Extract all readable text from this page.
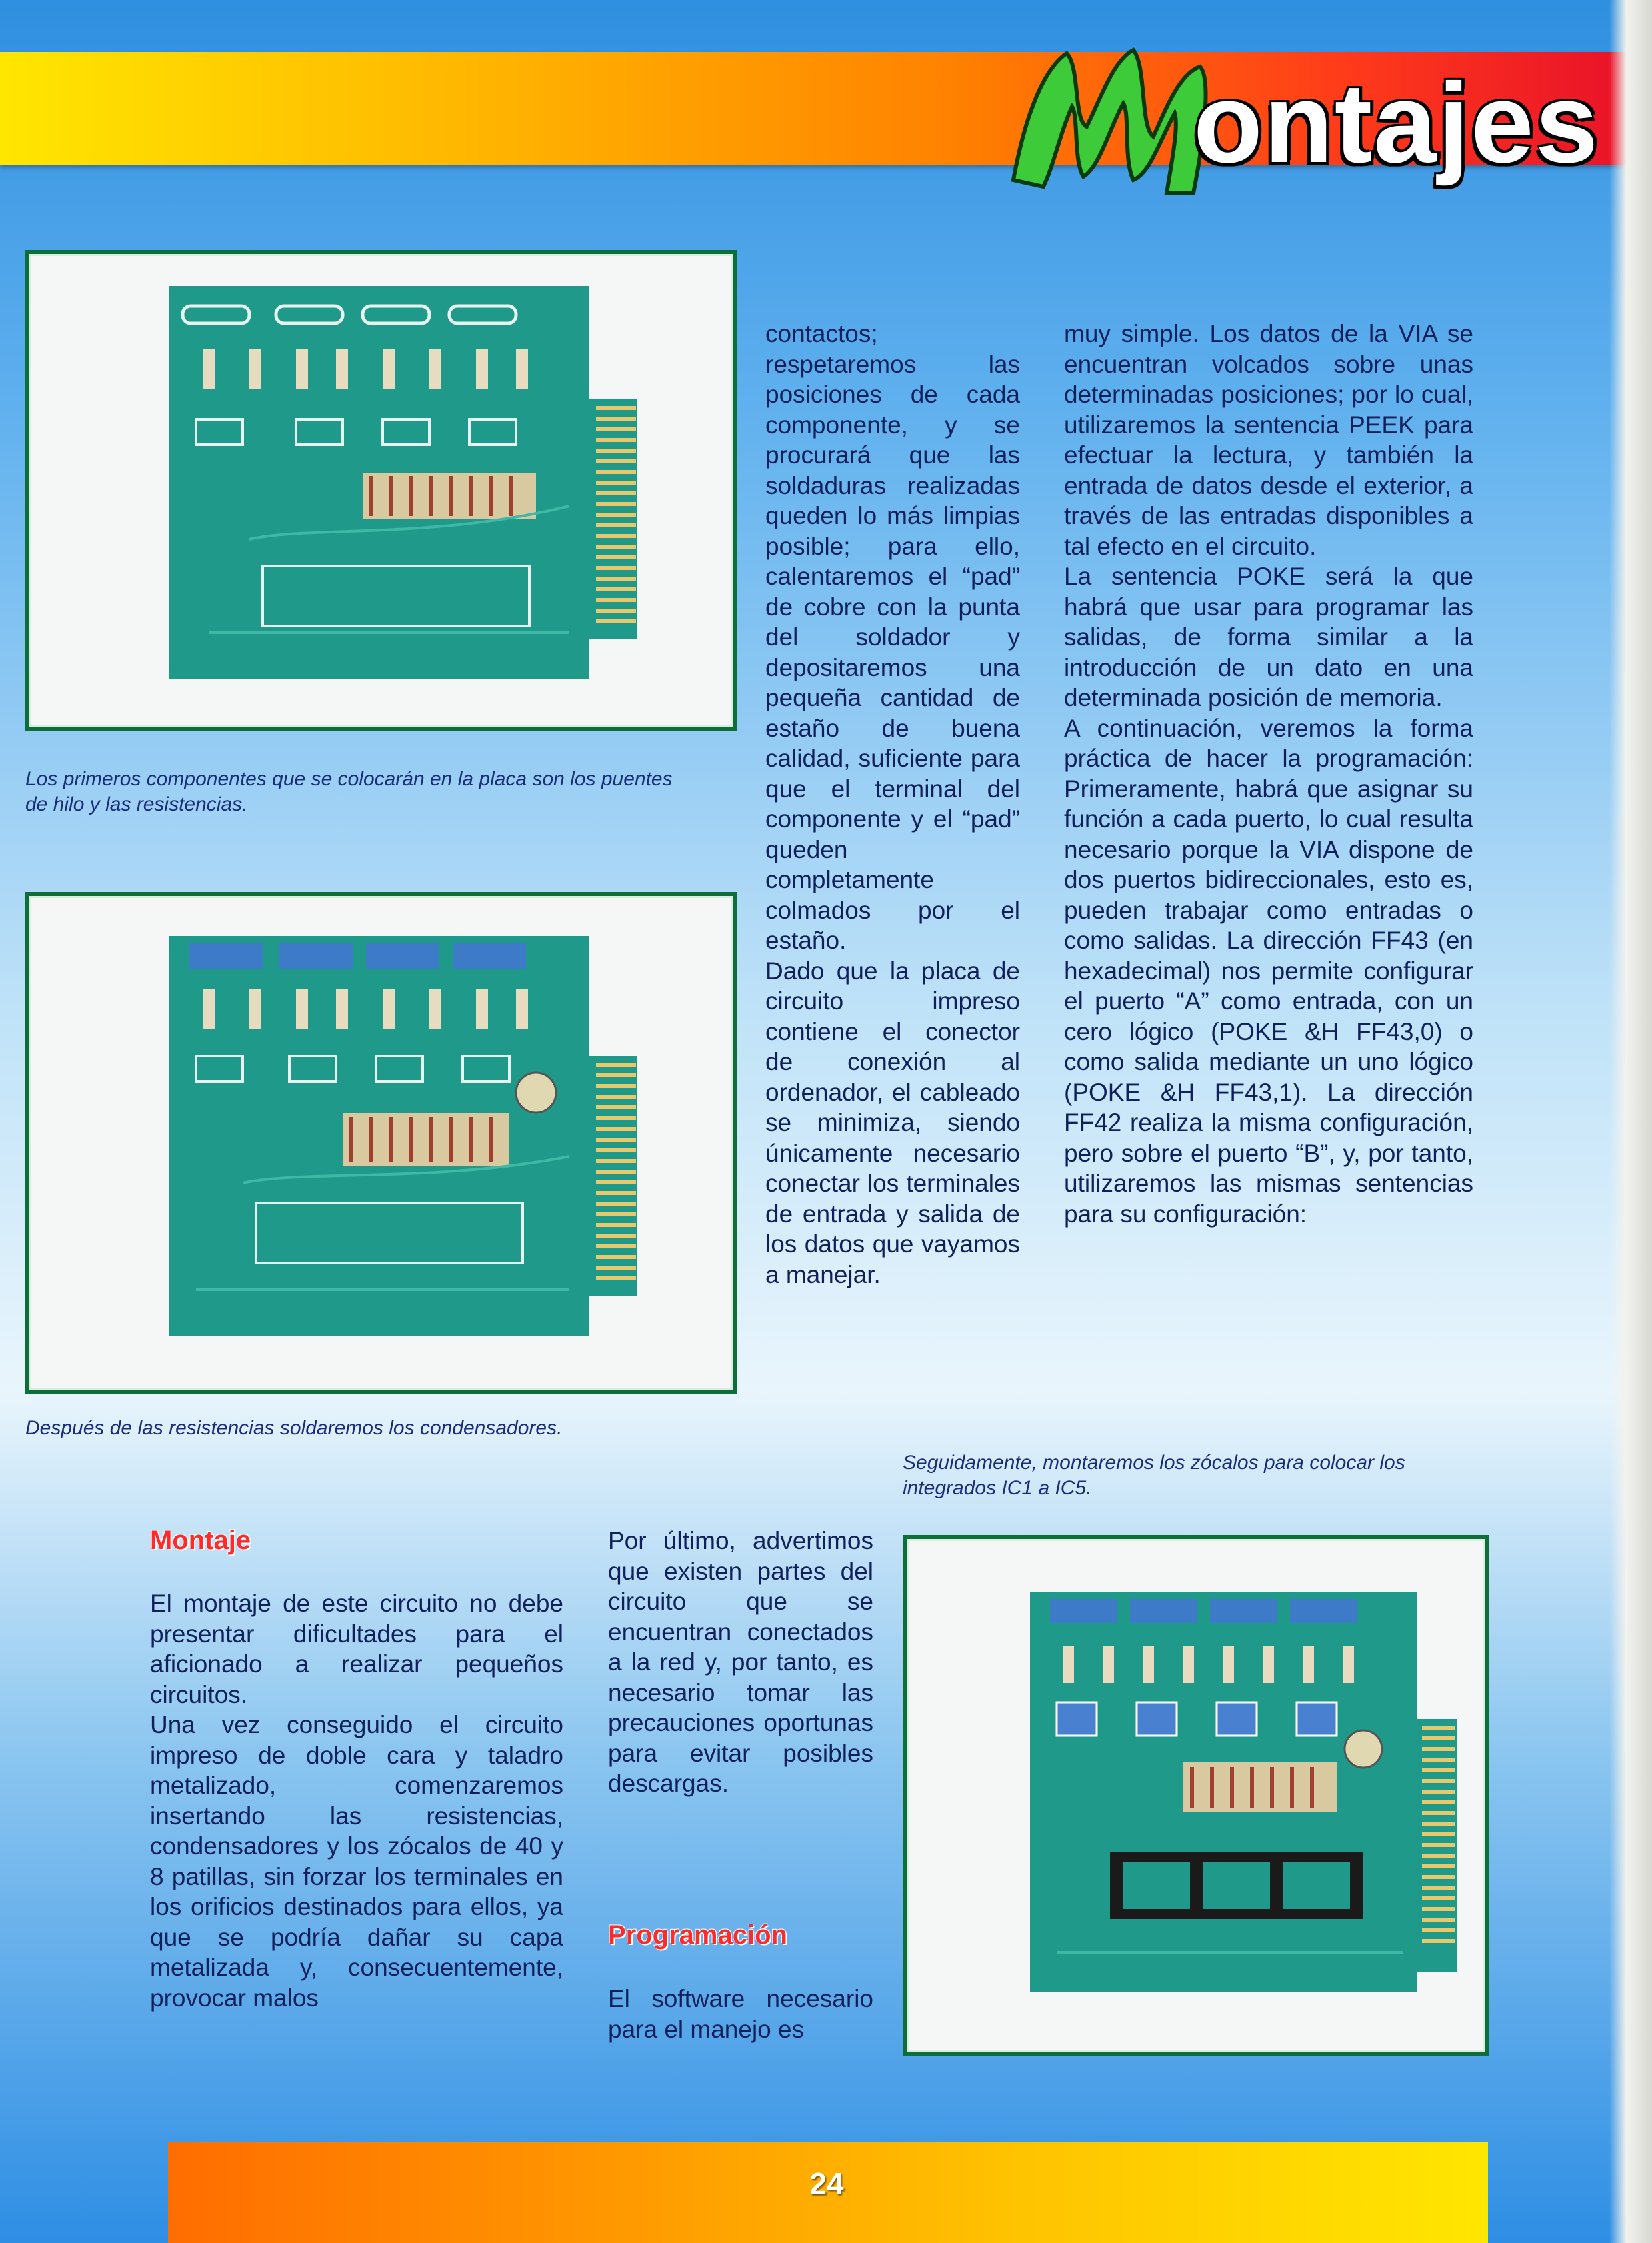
ontajes
Los primeros componentes que se colocarán en la placa son los puentes de hilo y las resistencias.
Después de las resistencias soldaremos los condensadores.

contactos; respetaremos las posiciones de cada componente, y se procurará que las soldaduras realizadas queden lo más limpias posible; para ello, calentaremos el “pad” de cobre con la punta del soldador y depositaremos una pequeña cantidad de estaño de buena calidad, suficiente para que el terminal del componente y el “pad” queden completamente colmados por el estaño.

Dado que la placa de circuito impreso contiene el conector de conexión al ordenador, el cableado se minimiza, siendo únicamente necesario conectar los terminales de entrada y salida de los datos que vayamos a manejar.

muy simple. Los datos de la VIA se encuentran volcados sobre unas determinadas posiciones; por lo cual, utilizaremos la sentencia PEEK para efectuar la lectura, y también la entrada de datos desde el exterior, a través de las entradas disponibles a tal efecto en el circuito.

La sentencia POKE será la que habrá que usar para programar las salidas, de forma similar a la introducción de un dato en una determinada posición de memoria.

A continuación, veremos la forma práctica de hacer la programación: Primeramente, habrá que asignar su función a cada puerto, lo cual resulta necesario porque la VIA dispone de dos puertos bidireccionales, esto es, pueden trabajar como entradas o como salidas. La dirección FF43 (en hexadecimal) nos permite configurar el puerto “A” como entrada, con un cero lógico (POKE &H FF43,0) o como salida mediante un uno lógico (POKE &H FF43,1). La dirección FF42 realiza la misma configuración, pero sobre el puerto “B”, y, por tanto, utilizaremos las mismas sentencias para su configuración:

Seguidamente, montaremos los zócalos para colocar los integrados IC1 a IC5.
Montaje

El montaje de este circuito no debe presentar dificultades para el aficionado a realizar pequeños circuitos.

Una vez conseguido el circuito impreso de doble cara y taladro metalizado, comenzaremos insertando las resistencias, condensadores y los zócalos de 40 y 8 patillas, sin forzar los terminales en los orificios destinados para ellos, ya que se podría dañar su capa metalizada y, consecuentemente, provocar malos

Por último, advertimos que existen partes del circuito que se encuentran conectados a la red y, por tanto, es necesario tomar las precauciones oportunas para evitar posibles descargas.

Programación

El software necesario para el manejo es

24
